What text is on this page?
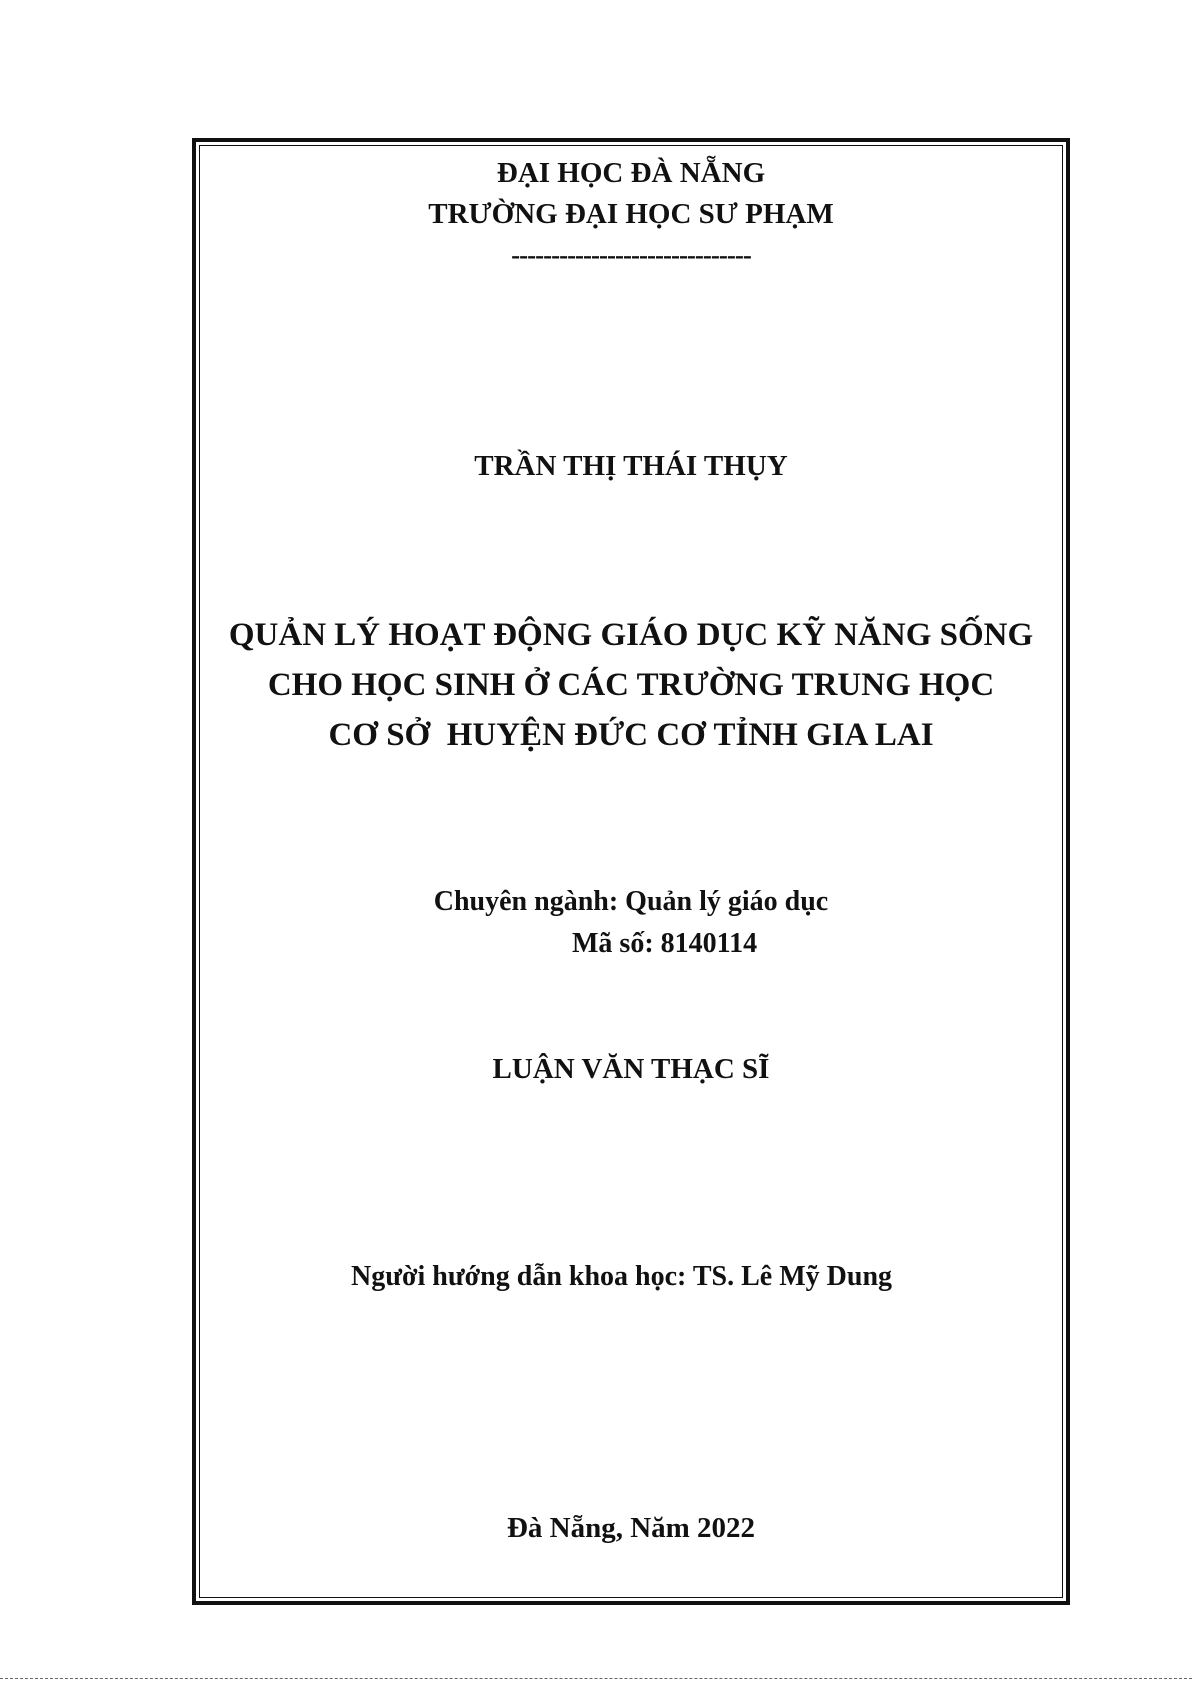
ĐẠI HỌC ĐÀ NẴNG
TRƯỜNG ĐẠI HỌC SƯ PHẠM
------------------------------
TRẦN THỊ THÁI THỤY
QUẢN LÝ HOẠT ĐỘNG GIÁO DỤC KỸ NĂNG SỐNG
CHO HỌC SINH Ở CÁC TRƯỜNG TRUNG HỌC
CƠ SỞ  HUYỆN ĐỨC CƠ TỈNH GIA LAI
Chuyên ngành: Quản lý giáo dục
Mã số: 8140114
LUẬN VĂN THẠC SĨ
Người hướng dẫn khoa học: TS. Lê Mỹ Dung
Đà Nẵng, Năm 2022
